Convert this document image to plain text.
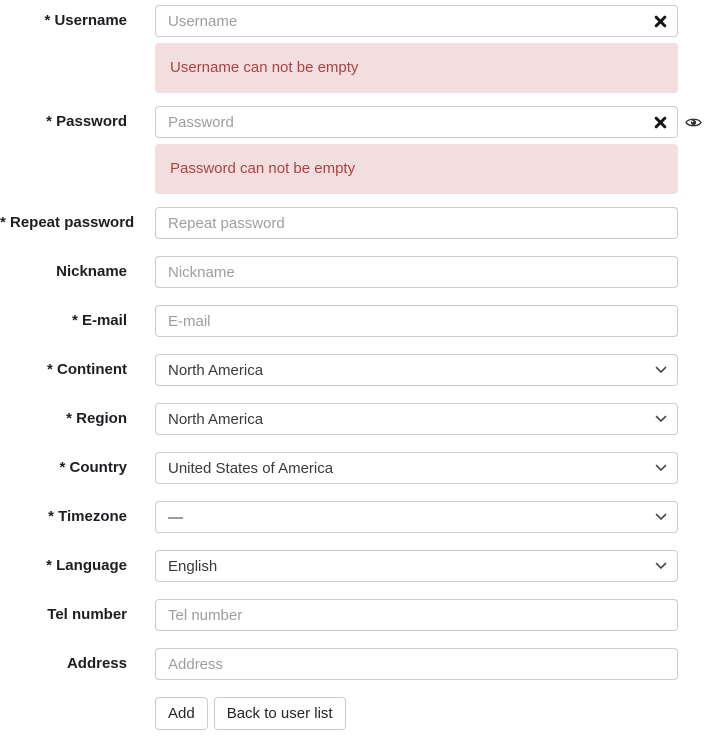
* Username
Username
Username can not be empty
* Password
Password
Password can not be empty
* Repeat password
Repeat password
Nickname
Nickname
* E-mail
E-mail
* Continent
North America
* Region
North America
* Country
United States of America
* Timezone
—
* Language
English
Tel number
Tel number
Address
Address
Add	Back to user list
